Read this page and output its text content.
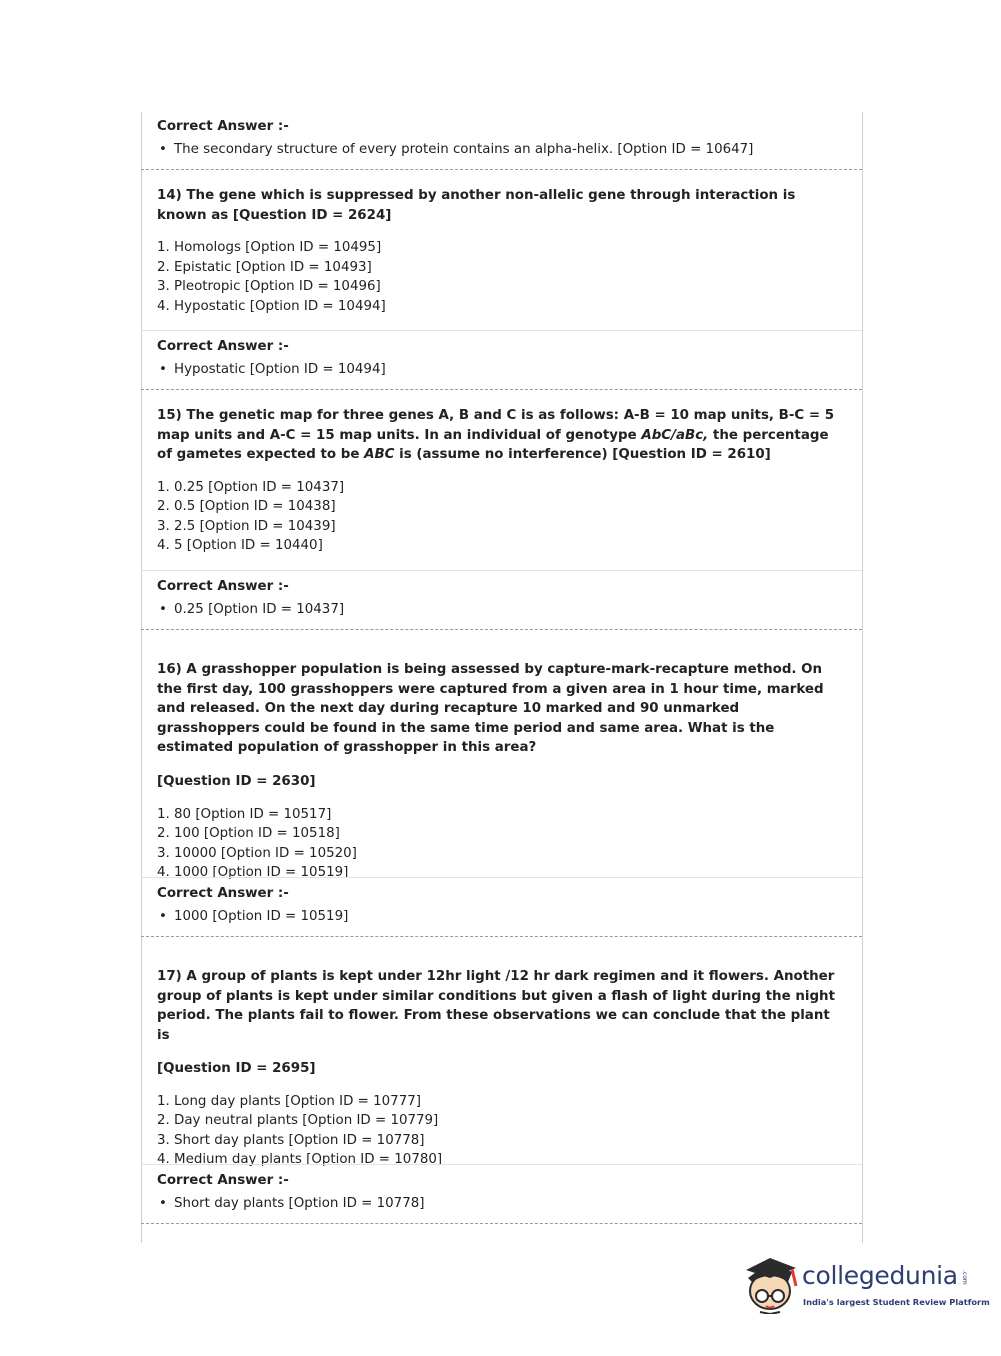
Correct Answer :-

• The secondary structure of every protein contains an alpha-helix. [Option ID = 10647]

14) The gene which is suppressed by another non-allelic gene through interaction is known as [Question ID = 2624]

1. Homologs [Option ID = 10495]
2. Epistatic [Option ID = 10493]
3. Pleotropic [Option ID = 10496]
4. Hypostatic [Option ID = 10494]

Correct Answer :-

• Hypostatic [Option ID = 10494]

15) The genetic map for three genes A, B and C is as follows: A-B = 10 map units, B-C = 5 map units and A-C = 15 map units. In an individual of genotype AbC/aBc, the percentage of gametes expected to be ABC is (assume no interference) [Question ID = 2610]

1. 0.25 [Option ID = 10437]
2. 0.5 [Option ID = 10438]
3. 2.5 [Option ID = 10439]
4. 5 [Option ID = 10440]

Correct Answer :-

• 0.25 [Option ID = 10437]

16) A grasshopper population is being assessed by capture-mark-recapture method. On the first day, 100 grasshoppers were captured from a given area in 1 hour time, marked and released. On the next day during recapture 10 marked and 90 unmarked grasshoppers could be found in the same time period and same area. What is the estimated population of grasshopper in this area?

[Question ID = 2630]

1. 80 [Option ID = 10517]
2. 100 [Option ID = 10518]
3. 10000 [Option ID = 10520]
4. 1000 [Option ID = 10519]

Correct Answer :-

• 1000 [Option ID = 10519]

17) A group of plants is kept under 12hr light /12 hr dark regimen and it flowers. Another group of plants is kept under similar conditions but given a flash of light during the night period. The plants fail to flower. From these observations we can conclude that the plant is

[Question ID = 2695]

1. Long day plants [Option ID = 10777]
2. Day neutral plants [Option ID = 10779]
3. Short day plants [Option ID = 10778]
4. Medium day plants [Option ID = 10780]

Correct Answer :-

• Short day plants [Option ID = 10778]
collegedunia .com
India's largest Student Review Platform
